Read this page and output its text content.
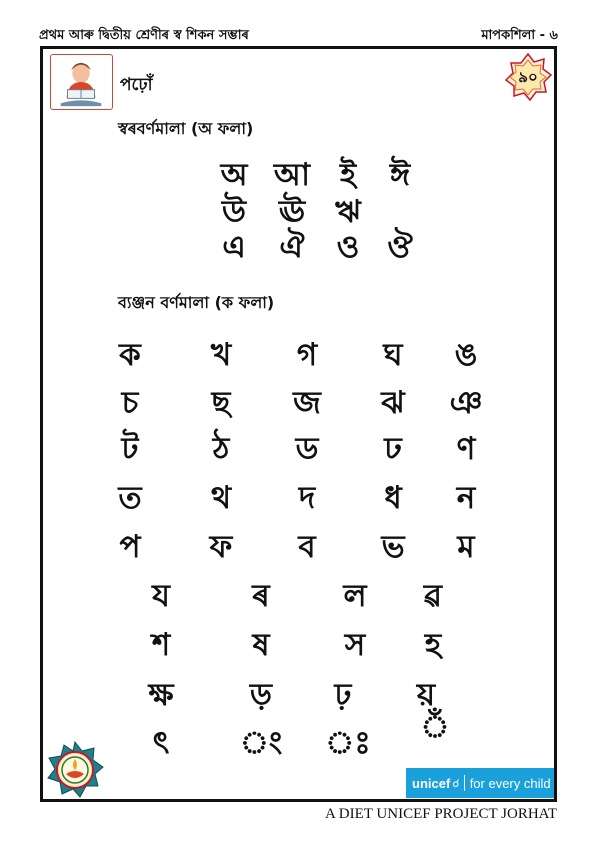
প্ৰথম আৰু দ্বিতীয় শ্ৰেণীৰ স্ব শিকন সম্ভাৰ	মাপকশিলা - ৬
পঢ়োঁ	৯০
স্বৰবৰ্ণমালা (অ ফলা)
অ আ ই	ঈ
উ	ঊ ঋ
এ	ঐ	ও ঔ
ব্যঞ্জন বৰ্ণমালা (ক ফলা)
ক	খ	গ	ঘ	ঙ
চ	ছ	জ	ঝ	ঞ
ট	ঠ	ড	ঢ	ণ
ত	থ	দ	ধ	ন
প	ফ	ব	ভ	ম
য	ৰ	ল	ৱ
শ	ষ	স	হ
ক্ষ	ড়	ঢ়	য়
ৎ	ং ঃ ঁ
unicef ☌ for every child
A DIET UNICEF PROJECT JORHAT
